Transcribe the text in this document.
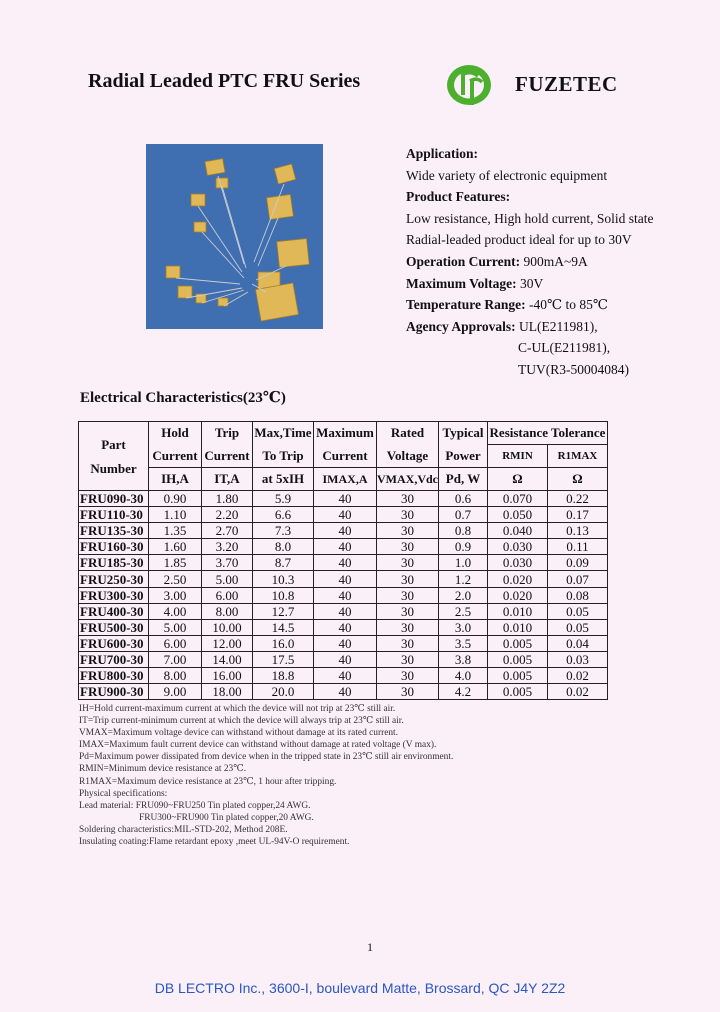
Radial Leaded PTC FRU Series	FUZETEC
Application:
Wide variety of electronic equipment
Product Features:
Low resistance, High hold current, Solid state
Radial-leaded product ideal for up to 30V
Operation Current: 900mA~9A
Maximum Voltage: 30V
Temperature Range: -40℃ to 85℃
Agency Approvals: UL(E211981),
C-UL(E211981),
TUV(R3-50004084)
Electrical Characteristics(23℃)
Part	Hold	Trip	Max,Time	Maximum	Rated	Typical	Resistance Tolerance	
	Current	Current	To Trip	Current	Voltage	Power	RMIN	R1MAX
Number	IH,A	IT,A	at 5xIH	IMAX,A	VMAX,Vdc	Pd, W	Ω	Ω
FRU090-30	0.90	1.80	5.9	40	30	0.6	0.070	0.22
FRU110-30	1.10	2.20	6.6	40	30	0.7	0.050	0.17
FRU135-30	1.35	2.70	7.3	40	30	0.8	0.040	0.13
FRU160-30	1.60	3.20	8.0	40	30	0.9	0.030	0.11
FRU185-30	1.85	3.70	8.7	40	30	1.0	0.030	0.09
FRU250-30	2.50	5.00	10.3	40	30	1.2	0.020	0.07
FRU300-30	3.00	6.00	10.8	40	30	2.0	0.020	0.08
FRU400-30	4.00	8.00	12.7	40	30	2.5	0.010	0.05
FRU500-30	5.00	10.00	14.5	40	30	3.0	0.010	0.05
FRU600-30	6.00	12.00	16.0	40	30	3.5	0.005	0.04
FRU700-30	7.00	14.00	17.5	40	30	3.8	0.005	0.03
FRU800-30	8.00	16.00	18.8	40	30	4.0	0.005	0.02
FRU900-30	9.00	18.00	20.0	40	30	4.2	0.005	0.02
IH=Hold current-maximum current at which the device will not trip at 23℃ still air.
IT=Trip current-minimum current at which the device will always trip at 23℃ still air.
VMAX=Maximum voltage device can withstand without damage at its rated current.
IMAX=Maximum fault current device can withstand without damage at rated voltage (V max).
Pd=Maximum power dissipated from device when in the tripped state in 23℃ still air environment.
RMIN=Minimum device resistance at 23℃.
R1MAX=Maximum device resistance at 23℃, 1 hour after tripping.
Physical specifications:
Lead material: FRU090~FRU250 Tin plated copper,24 AWG.
FRU300~FRU900 Tin plated copper,20 AWG.
Soldering characteristics:MIL-STD-202, Method 208E.
Insulating coating:Flame retardant epoxy ,meet UL-94V-O requirement.
1
DB LECTRO Inc., 3600-I, boulevard Matte, Brossard, QC J4Y 2Z2
